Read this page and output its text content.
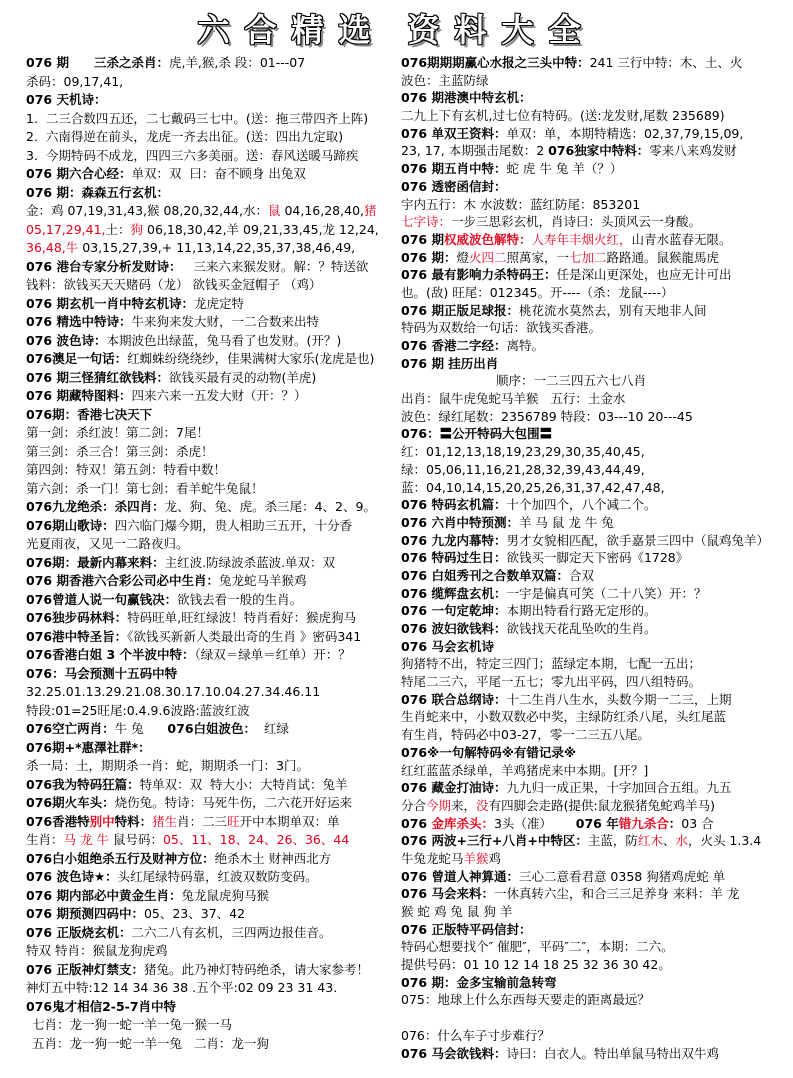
六合精选 资料大全
076 期　　三杀之杀肖：虎,羊,猴,杀 段：01---07
杀码：09,17,41,
076 天机诗：
1.  二三合数四五还，二七戴码三七中。(送：拖三带四齐上阵)
2.  六南得逆在前头，龙虎一齐去出征。(送：四出九定取)
3.  今期特码不成龙，四四三六多美丽。送：春风送暖马蹄疾
076 期六合心经：单双：双  曰：奋不顾身 出兔双
076 期：森森五行玄机：
金：鸡 07,19,31,43,猴 08,20,32,44,水：鼠 04,16,28,40,猪
05,17,29,41,土：狗 06,18,30,42,羊 09,21,33,45,龙 12,24,
36,48,牛 03,15,27,39,+ 11,13,14,22,35,37,38,46,49,
076 港台专家分析发财诗：   三来六来猴发财。解：？特送欲
钱料：欲钱买天天赌码（龙） 欲钱买金冠帽子 （鸡）
076 期玄机一肖中特玄机诗：龙虎定特
076 精选中特诗：牛来狗来发大财，一二合数来出特
076 波色诗：本期波色出绿蓝，兔马看了也发财。(开？)
076澳足一句话：红蜘蛛纷绕绕纱，佳果满树大家乐(龙虎是也)
076 期三怪猜红欲钱料：欲钱买最有灵的动物(羊虎)
076 期藏特图料：四来六来一五发大财（开：？）
076期：香港七决天下
第一剑：杀红波！第二剑：7尾！
第三剑：杀三合！第三剑：杀虎！
第四剑：特双！第五剑：特看中数！
第六剑：杀一门！第七剑：看羊蛇牛兔鼠！
076九龙绝杀：杀四肖：龙、狗、兔、虎。杀三尾：4、2、9。
076期山歌诗：四六临门爆今期，贵人相助三五开，十分香
光夏雨夜，又见一二路夜归。
076期：最新内幕来料：主红波.防绿波杀蓝波.单双：双
076 期香港六合彩公司必中生肖：兔龙蛇马羊猴鸡
076曾道人说一句赢钱决：欲钱去看一般的生肖。
076独步码林料：特码旺单,旺红绿波！特肖看好：猴虎狗马
076港中特圣旨：《欲钱买新新人类最出奇的生肖 》密码341
076香港白姐 3 个半波中特：（绿双＝绿单＝红单）开：？
076：马会预测十五码中特
32.25.01.13.29.21.08.30.17.10.04.27.34.46.11
特段:01=25旺尾:0.4.9.6波路:蓝波红波
076空亡两肖：牛 兔      076白姐波色：  红绿
076期+*惠澤社群*：
杀一局：土，期期杀一肖：蛇，期期杀一门：3门。
076我为特码狂篇：特单双：双  特大小：大特肖试：兔羊
076期火车头：烧伤兔。特诗：马死牛伤，二六花开好运来
076香港特别中特料：猪生肖：二三旺开中本期单双：单
生肖：马 龙 牛 鼠号码：05、11、18、24、26、36、44
076白小姐绝杀五行及财神方位：绝杀木土 财神西北方
076 波色诗★：头红尾绿特码靠，红波双数防变码。
076 期内部必中黄金生肖：兔龙鼠虎狗马猴
076 期预测四码中：05、23、37、42
076 正版烧玄机：二六二八有玄机，三四两边报佳音。
特双 特肖：猴鼠龙狗虎鸡
076 正版神灯禁支：猪兔。此乃神灯特码绝杀，请大家参考！
神灯五中特:12 14 34 36 38 .五个平:02 09 23 31 43.
076鬼才相信2-5-7肖中特
七肖：龙一狗一蛇一羊一兔一猴一马
五肖：龙一狗一蛇一羊一兔   二肖：龙一狗
076期期期赢心水报之三头中特：241 三行中特：木、土、火
波色：主蓝防绿
076 期港澳中特玄机：
二九上下有玄机,过七位有特码。(送:龙发财,尾数 235689)
076 单双王资料：单双：单，本期特精选：02,37,79,15,09,
23, 17, 本期强击尾数：2 076独家中特料：零来八来鸡发财
076 期五肖中特：蛇 虎 牛 兔 羊（？）
076 透密函信封：
宇内五行：木 水波数：蓝红防尾：853201
七字诗：一步三思彩玄机，肖诗曰：头顶风云一身酸。
076 期权威波色解特：人寿年丰烟火红，山青水蓝春无限。
076 期：燈火四二照萬家，一七加二路路通。鼠猴龍馬虎
076 最有影响力杀特码王：任是深山更深处，也应无计可出
也。(敌) 旺尾：012345。开----（杀：龙鼠----）
076 期正版足球报：桃花流水莫然去，别有天地非人间
特码为双数给一句话：欲钱买香港。
076 香港二字经：离特。
076 期 挂历出肖
顺序：一二三四五六七八肖
出肖：鼠牛虎兔蛇马羊猴   五行：土金水
波色：绿红尾数：2356789 特段：03---10 20---45
076：〓公开特码大包围〓
红：01,12,13,18,19,23,29,30,35,40,45,
绿：05,06,11,16,21,28,32,39,43,44,49,
蓝：04,10,14,15,20,25,26,31,37,42,47,48,
076 特码玄机篇：十个加四个，八个减二个。
076 六肖中特预测：羊 马 鼠 龙 牛 兔
076 九龙内幕特：男才女貌相匹配，欲手嘉景三四中（鼠鸡兔羊）
076 特码过生日：欲钱买一脚定天下密码《1728》
076 白姐秀刊之合数单双篇：合双
076 缆辉盘玄机：一宇是偏真可笑（二十八笑）开：？
076 一句定乾坤：本期出特看行路无定形的。
076 波妇欲钱料：欲钱找天花乱坠吹的生肖。
076 马会玄机诗
狗猪特不出，特定三四门；蓝绿定本期，七配一五出；
特尾二三六，平尾一五七；零九出平码，四八组特码。
076 联合总纲诗：十二生肖八生水，头数今期一二三，上期
生肖蛇来中，小数双数必中奖，主绿防红杀八尾，头红尾蓝
有生肖，特码必中03-27，零一二三五八尾。
076※一句解特码※有错记录※
红红蓝蓝杀绿单，羊鸡猪虎来中本期。[开？]
076 藏金打油诗：九九归一成正果，十字加回合五组。九五
分合今期来，没有四脚会走路(提供:鼠龙猴猪兔蛇鸡羊马)
076 金库杀头：3头（准）      076 年错九杀合：03 合
076 两波+三行+八肖+中特区：主蓝，防红木、水，火头 1.3.4
牛兔龙蛇马羊猴鸡
076 曾道人神算通：三心二意看君意 0358 狗猪鸡虎蛇 单
076 马会来料：一休真转六尘，和合三三足养身 来料：羊 龙
猴 蛇 鸡 兔 鼠 狗 羊
076 正版特平码信封：
特码心想要找个″ 催肥″，平码″二″，本期：二六。
提供号码：01 10 12 14 18 25 32 36 30 42。
076 期：金多宝输前急转弯
075：地球上什么东西每天要走的距离最远？
076：什么车子寸步难行？
076 马会欲钱料：诗曰：白衣人。特出单鼠马特出双牛鸡
